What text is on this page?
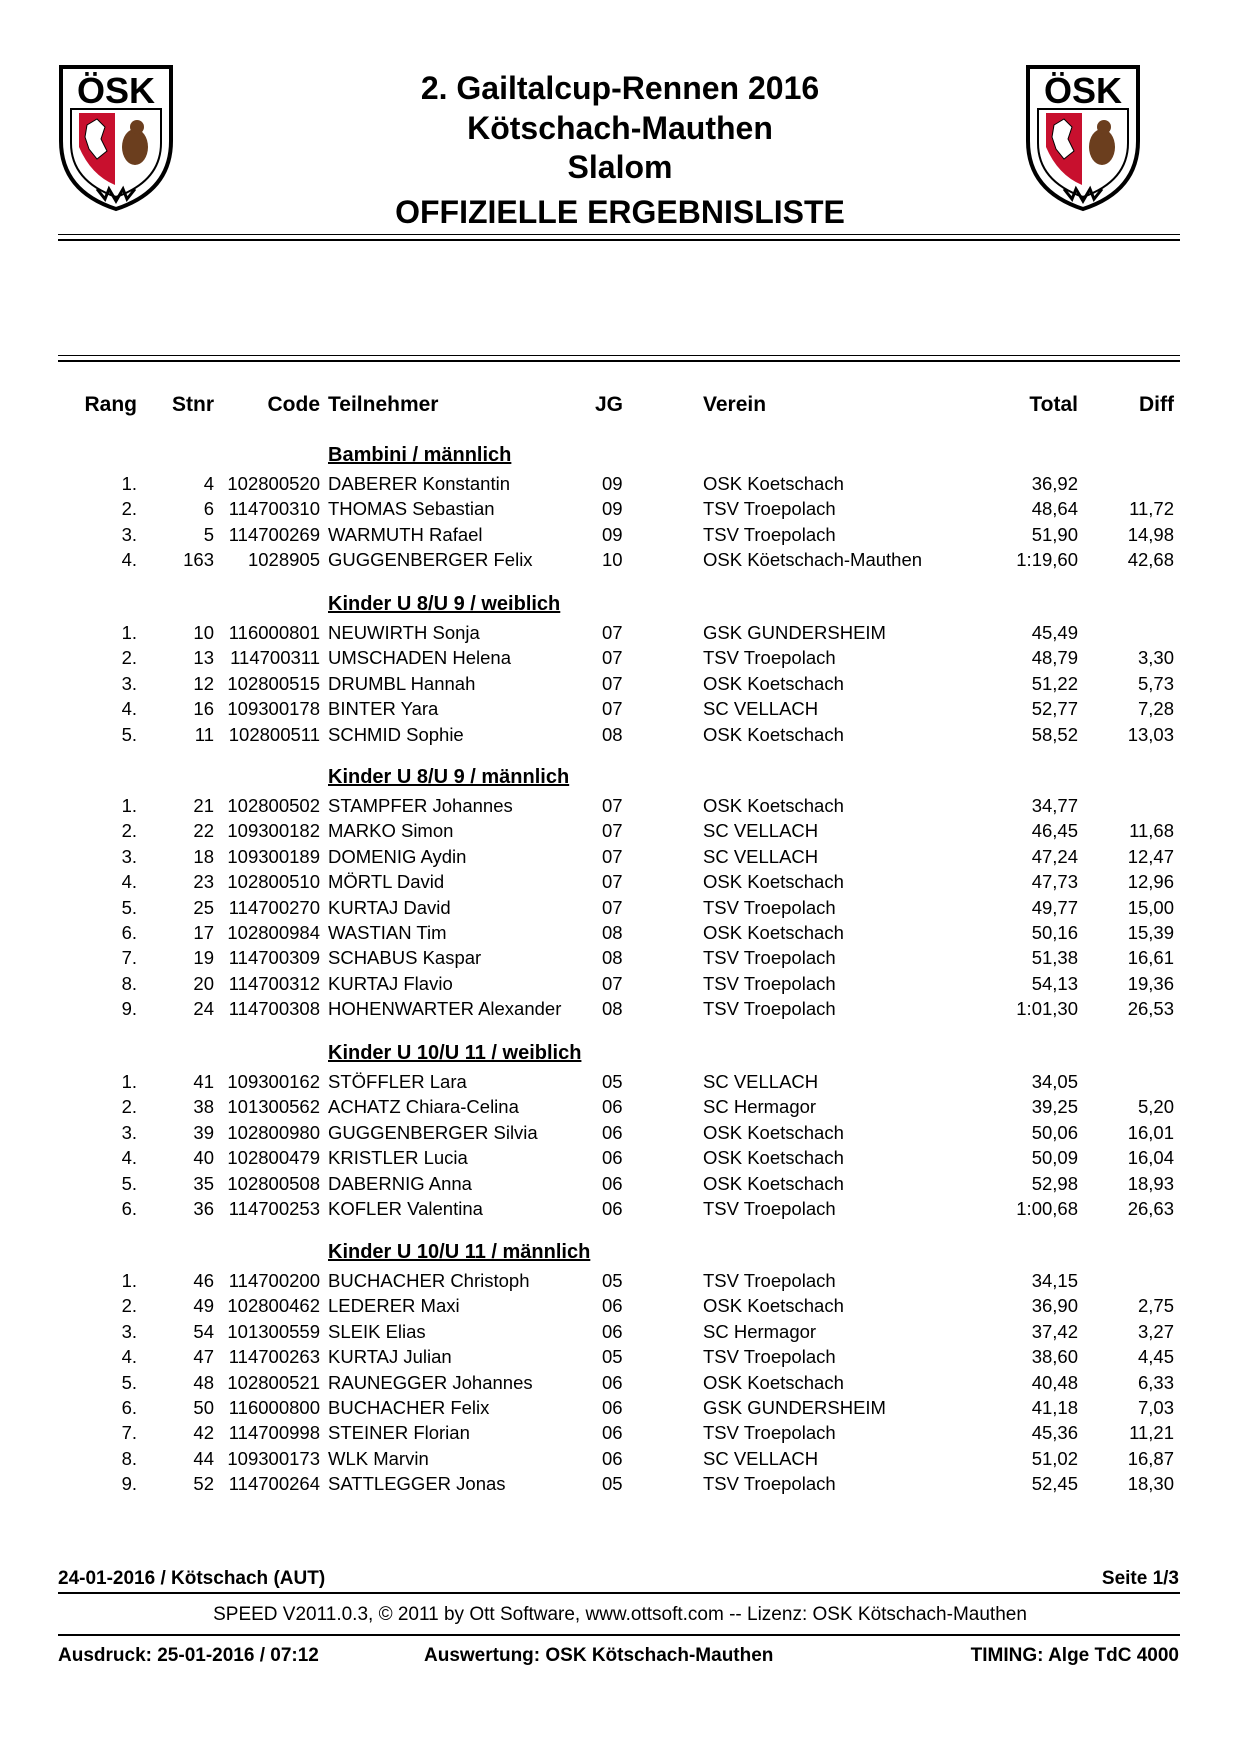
ÖSK	ÖSK
2. Gailtalcup-Rennen 2016
Kötschach-Mauthen
Slalom
OFFIZIELLE ERGEBNISLISTE
Rang	Stnr	Code Teilnehmer	JG	Verein	Total	Diff
Bambini / männlich
1.	4 102800520 DABERER Konstantin	09	OSK Koetschach	36,92
2.	6 114700310 THOMAS Sebastian	09	TSV Troepolach	48,64	11,72
3.	5 114700269 WARMUTH Rafael	09	TSV Troepolach	51,90	14,98
4.	163	1028905 GUGGENBERGER Felix	10	OSK Köetschach-Mauthen	1:19,60	42,68
Kinder U 8/U 9 / weiblich
1.	10 116000801 NEUWIRTH Sonja	07	GSK GUNDERSHEIM	45,49
2.	13 114700311 UMSCHADEN Helena	07	TSV Troepolach	48,79	3,30
3.	12 102800515 DRUMBL Hannah	07	OSK Koetschach	51,22	5,73
4.	16 109300178 BINTER Yara	07	SC VELLACH	52,77	7,28
5.	11 102800511 SCHMID Sophie	08	OSK Koetschach	58,52	13,03
Kinder U 8/U 9 / männlich
1.	21 102800502 STAMPFER Johannes	07	OSK Koetschach	34,77
2.	22 109300182 MARKO Simon	07	SC VELLACH	46,45	11,68
3.	18 109300189 DOMENIG Aydin	07	SC VELLACH	47,24	12,47
4.	23 102800510 MÖRTL David	07	OSK Koetschach	47,73	12,96
5.	25 114700270 KURTAJ David	07	TSV Troepolach	49,77	15,00
6.	17 102800984 WASTIAN Tim	08	OSK Koetschach	50,16	15,39
7.	19 114700309 SCHABUS Kaspar	08	TSV Troepolach	51,38	16,61
8.	20 114700312 KURTAJ Flavio	07	TSV Troepolach	54,13	19,36
9.	24 114700308 HOHENWARTER Alexander	08	TSV Troepolach	1:01,30	26,53
Kinder U 10/U 11 / weiblich
1.	41 109300162 STÖFFLER Lara	05	SC VELLACH	34,05
2.	38 101300562 ACHATZ Chiara-Celina	06	SC Hermagor	39,25	5,20
3.	39 102800980 GUGGENBERGER Silvia	06	OSK Koetschach	50,06	16,01
4.	40 102800479 KRISTLER Lucia	06	OSK Koetschach	50,09	16,04
5.	35 102800508 DABERNIG Anna	06	OSK Koetschach	52,98	18,93
6.	36 114700253 KOFLER Valentina	06	TSV Troepolach	1:00,68	26,63
Kinder U 10/U 11 / männlich
1.	46 114700200 BUCHACHER Christoph	05	TSV Troepolach	34,15
2.	49 102800462 LEDERER Maxi	06	OSK Koetschach	36,90	2,75
3.	54 101300559 SLEIK Elias	06	SC Hermagor	37,42	3,27
4.	47 114700263 KURTAJ Julian	05	TSV Troepolach	38,60	4,45
5.	48 102800521 RAUNEGGER Johannes	06	OSK Koetschach	40,48	6,33
6.	50 116000800 BUCHACHER Felix	06	GSK GUNDERSHEIM	41,18	7,03
7.	42 114700998 STEINER Florian	06	TSV Troepolach	45,36	11,21
8.	44 109300173 WLK Marvin	06	SC VELLACH	51,02	16,87
9.	52 114700264 SATTLEGGER Jonas	05	TSV Troepolach	52,45	18,30
24-01-2016 / Kötschach (AUT)	Seite 1/3
SPEED V2011.0.3, © 2011 by Ott Software, www.ottsoft.com -- Lizenz: OSK Kötschach-Mauthen
Ausdruck: 25-01-2016 / 07:12	Auswertung: OSK Kötschach-Mauthen	TIMING: Alge TdC 4000
